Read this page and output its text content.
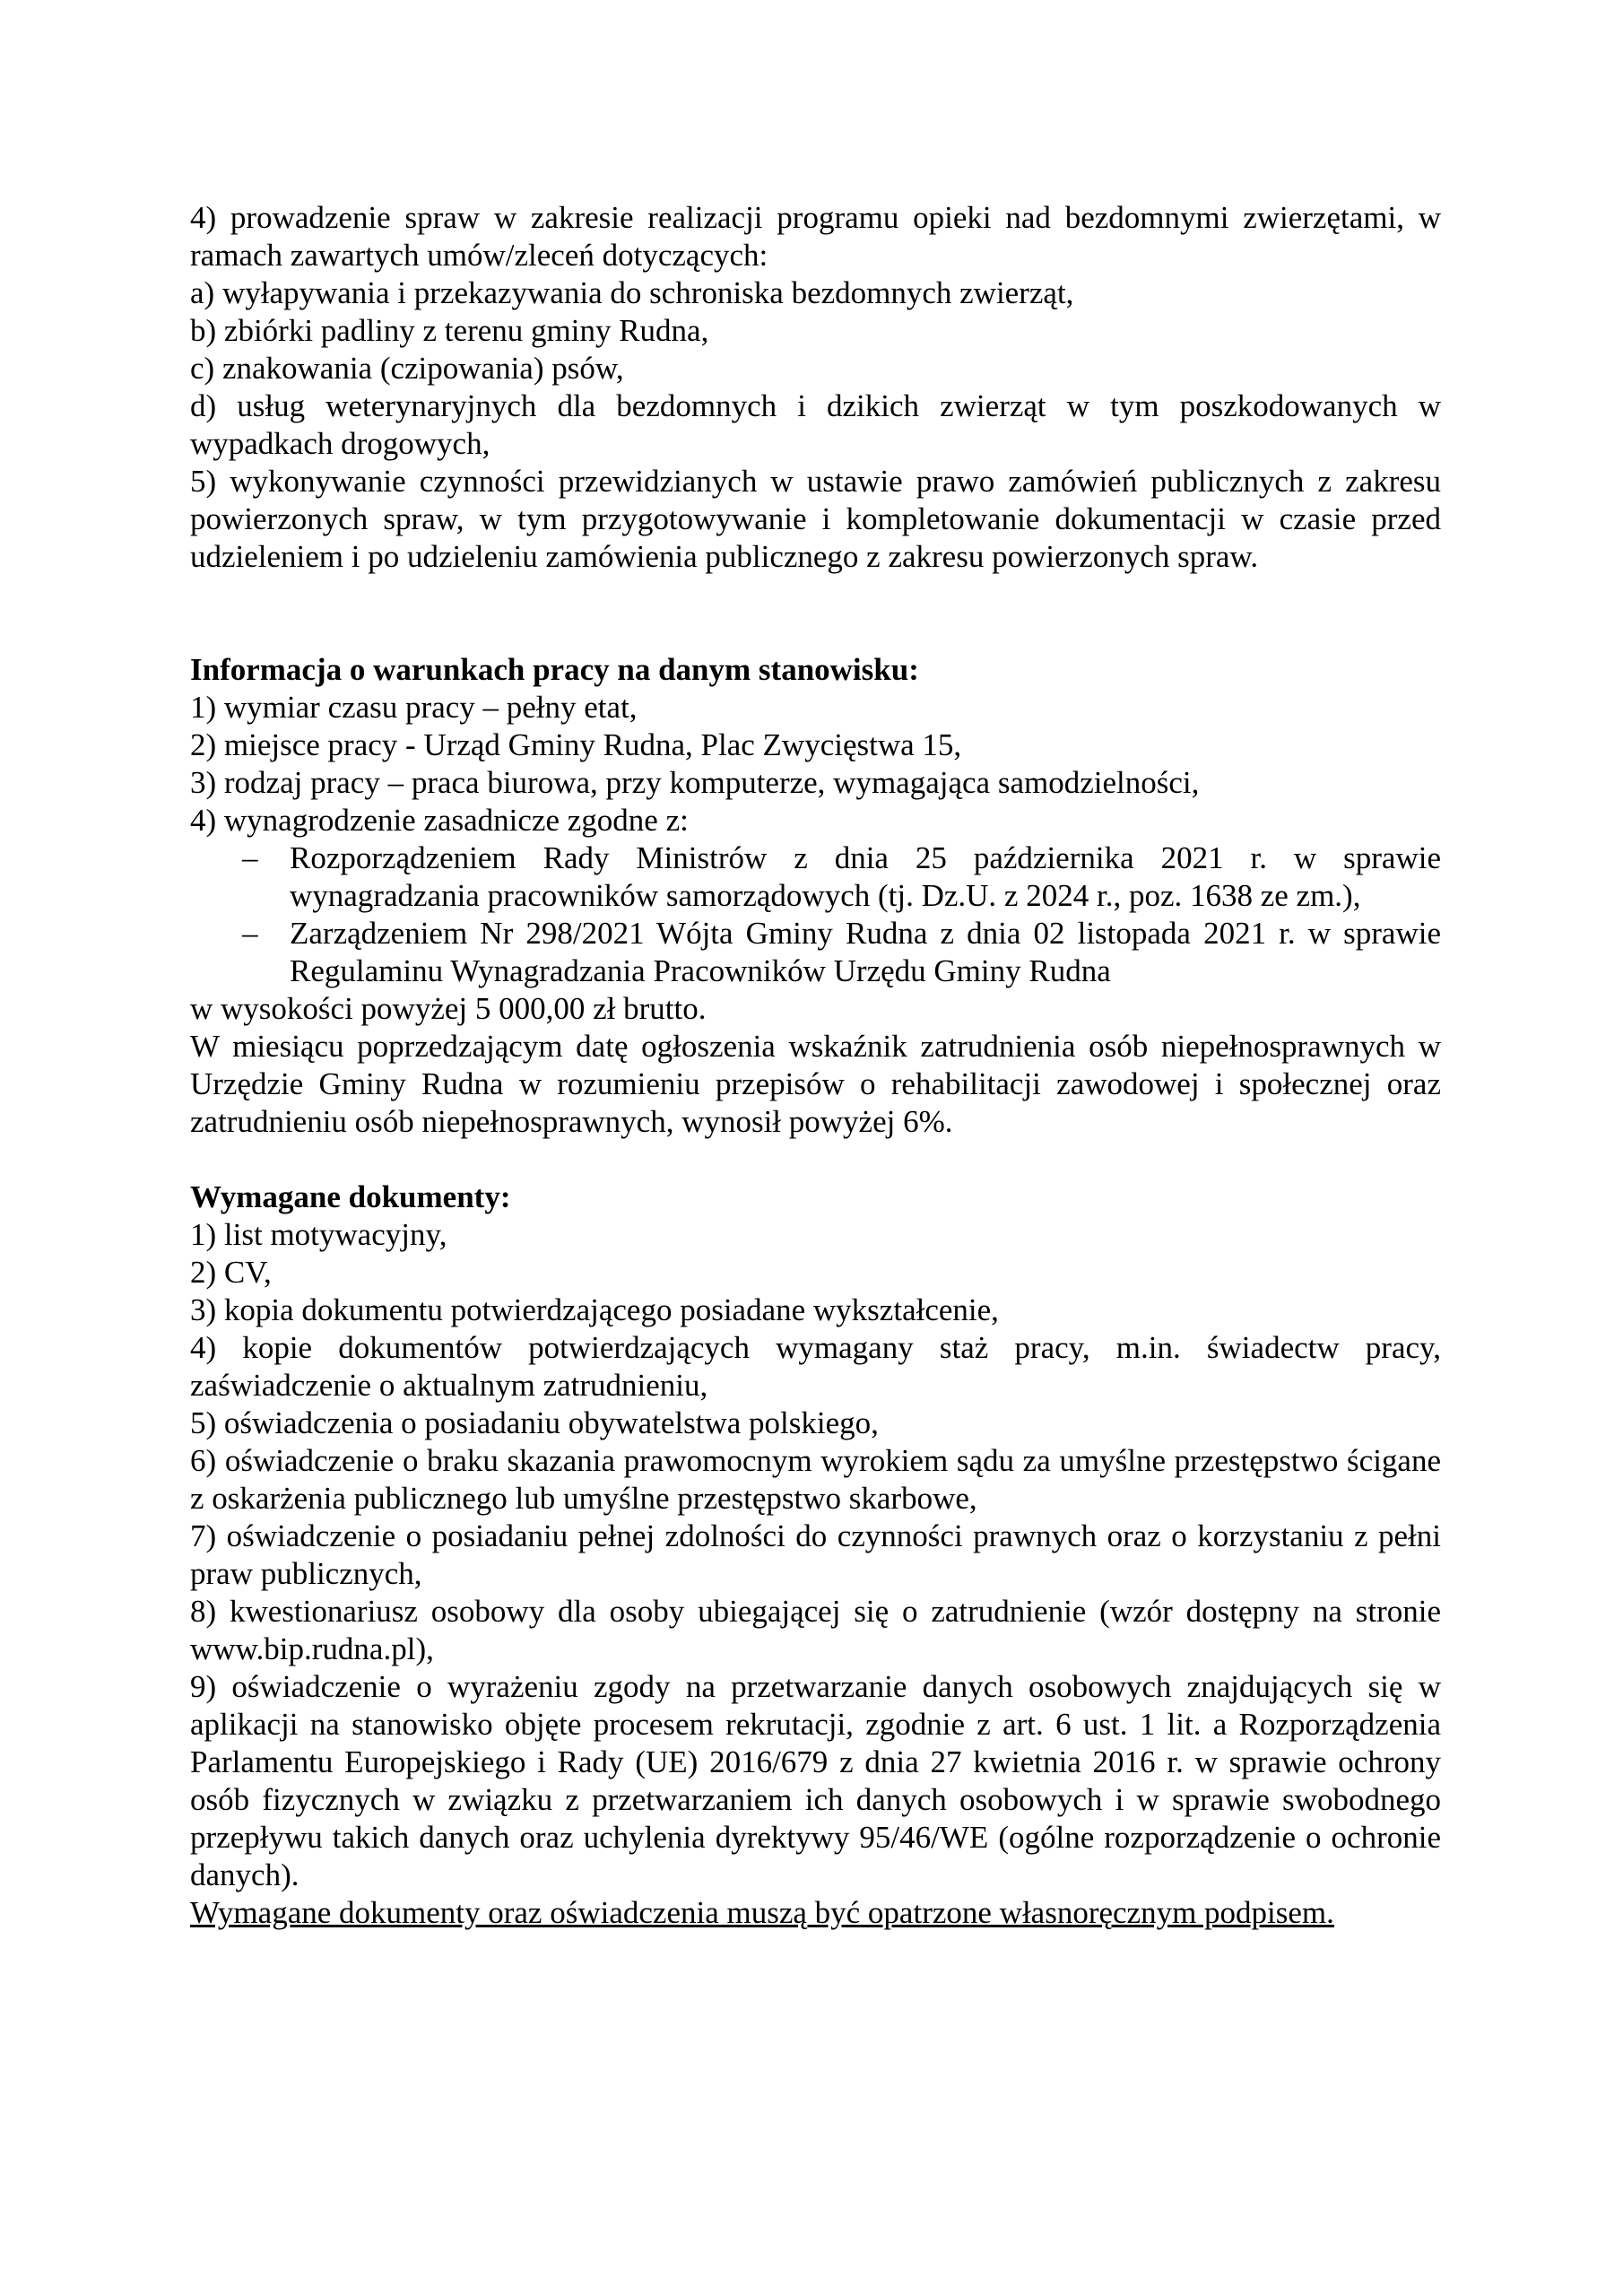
4) prowadzenie spraw w zakresie realizacji programu opieki nad bezdomnymi zwierzętami, w ramach zawartych umów/zleceń dotyczących:

a) wyłapywania i przekazywania do schroniska bezdomnych zwierząt,

b) zbiórki padliny z terenu gminy Rudna,

c) znakowania (czipowania) psów,

d) usług weterynaryjnych dla bezdomnych i dzikich zwierząt w tym poszkodowanych w wypadkach drogowych,

5) wykonywanie czynności przewidzianych w ustawie prawo zamówień publicznych z zakresu powierzonych spraw, w tym przygotowywanie i kompletowanie dokumentacji w czasie przed udzieleniem i po udzieleniu zamówienia publicznego z zakresu powierzonych spraw.

Informacja o warunkach pracy na danym stanowisku:

1) wymiar czasu pracy – pełny etat,

2) miejsce pracy - Urząd Gminy Rudna, Plac Zwycięstwa 15,

3) rodzaj pracy – praca biurowa, przy komputerze, wymagająca samodzielności,

4) wynagrodzenie zasadnicze zgodne z:

– Rozporządzeniem Rady Ministrów z dnia 25 października 2021 r. w sprawie wynagradzania pracowników samorządowych (tj. Dz.U. z 2024 r., poz. 1638 ze zm.),
– Zarządzeniem Nr 298/2021 Wójta Gminy Rudna z dnia 02 listopada 2021 r. w sprawie Regulaminu Wynagradzania Pracowników Urzędu Gminy Rudna

w wysokości powyżej 5 000,00 zł brutto.

W miesiącu poprzedzającym datę ogłoszenia wskaźnik zatrudnienia osób niepełnosprawnych w Urzędzie Gminy Rudna w rozumieniu przepisów o rehabilitacji zawodowej i społecznej oraz zatrudnieniu osób niepełnosprawnych, wynosił powyżej 6%.

Wymagane dokumenty:

1) list motywacyjny,

2) CV,

3) kopia dokumentu potwierdzającego posiadane wykształcenie,

4) kopie dokumentów potwierdzających wymagany staż pracy, m.in. świadectw pracy, zaświadczenie o aktualnym zatrudnieniu,

5) oświadczenia o posiadaniu obywatelstwa polskiego,

6) oświadczenie o braku skazania prawomocnym wyrokiem sądu za umyślne przestępstwo ścigane z oskarżenia publicznego lub umyślne przestępstwo skarbowe,

7) oświadczenie o posiadaniu pełnej zdolności do czynności prawnych oraz o korzystaniu z pełni praw publicznych,

8) kwestionariusz osobowy dla osoby ubiegającej się o zatrudnienie (wzór dostępny na stronie www.bip.rudna.pl),

9) oświadczenie o wyrażeniu zgody na przetwarzanie danych osobowych znajdujących się w aplikacji na stanowisko objęte procesem rekrutacji, zgodnie z art. 6 ust. 1 lit. a Rozporządzenia Parlamentu Europejskiego i Rady (UE) 2016/679 z dnia 27 kwietnia 2016 r. w sprawie ochrony osób fizycznych w związku z przetwarzaniem ich danych osobowych i w sprawie swobodnego przepływu takich danych oraz uchylenia dyrektywy 95/46/WE (ogólne rozporządzenie o ochronie danych).

Wymagane dokumenty oraz oświadczenia muszą być opatrzone własnoręcznym podpisem.
